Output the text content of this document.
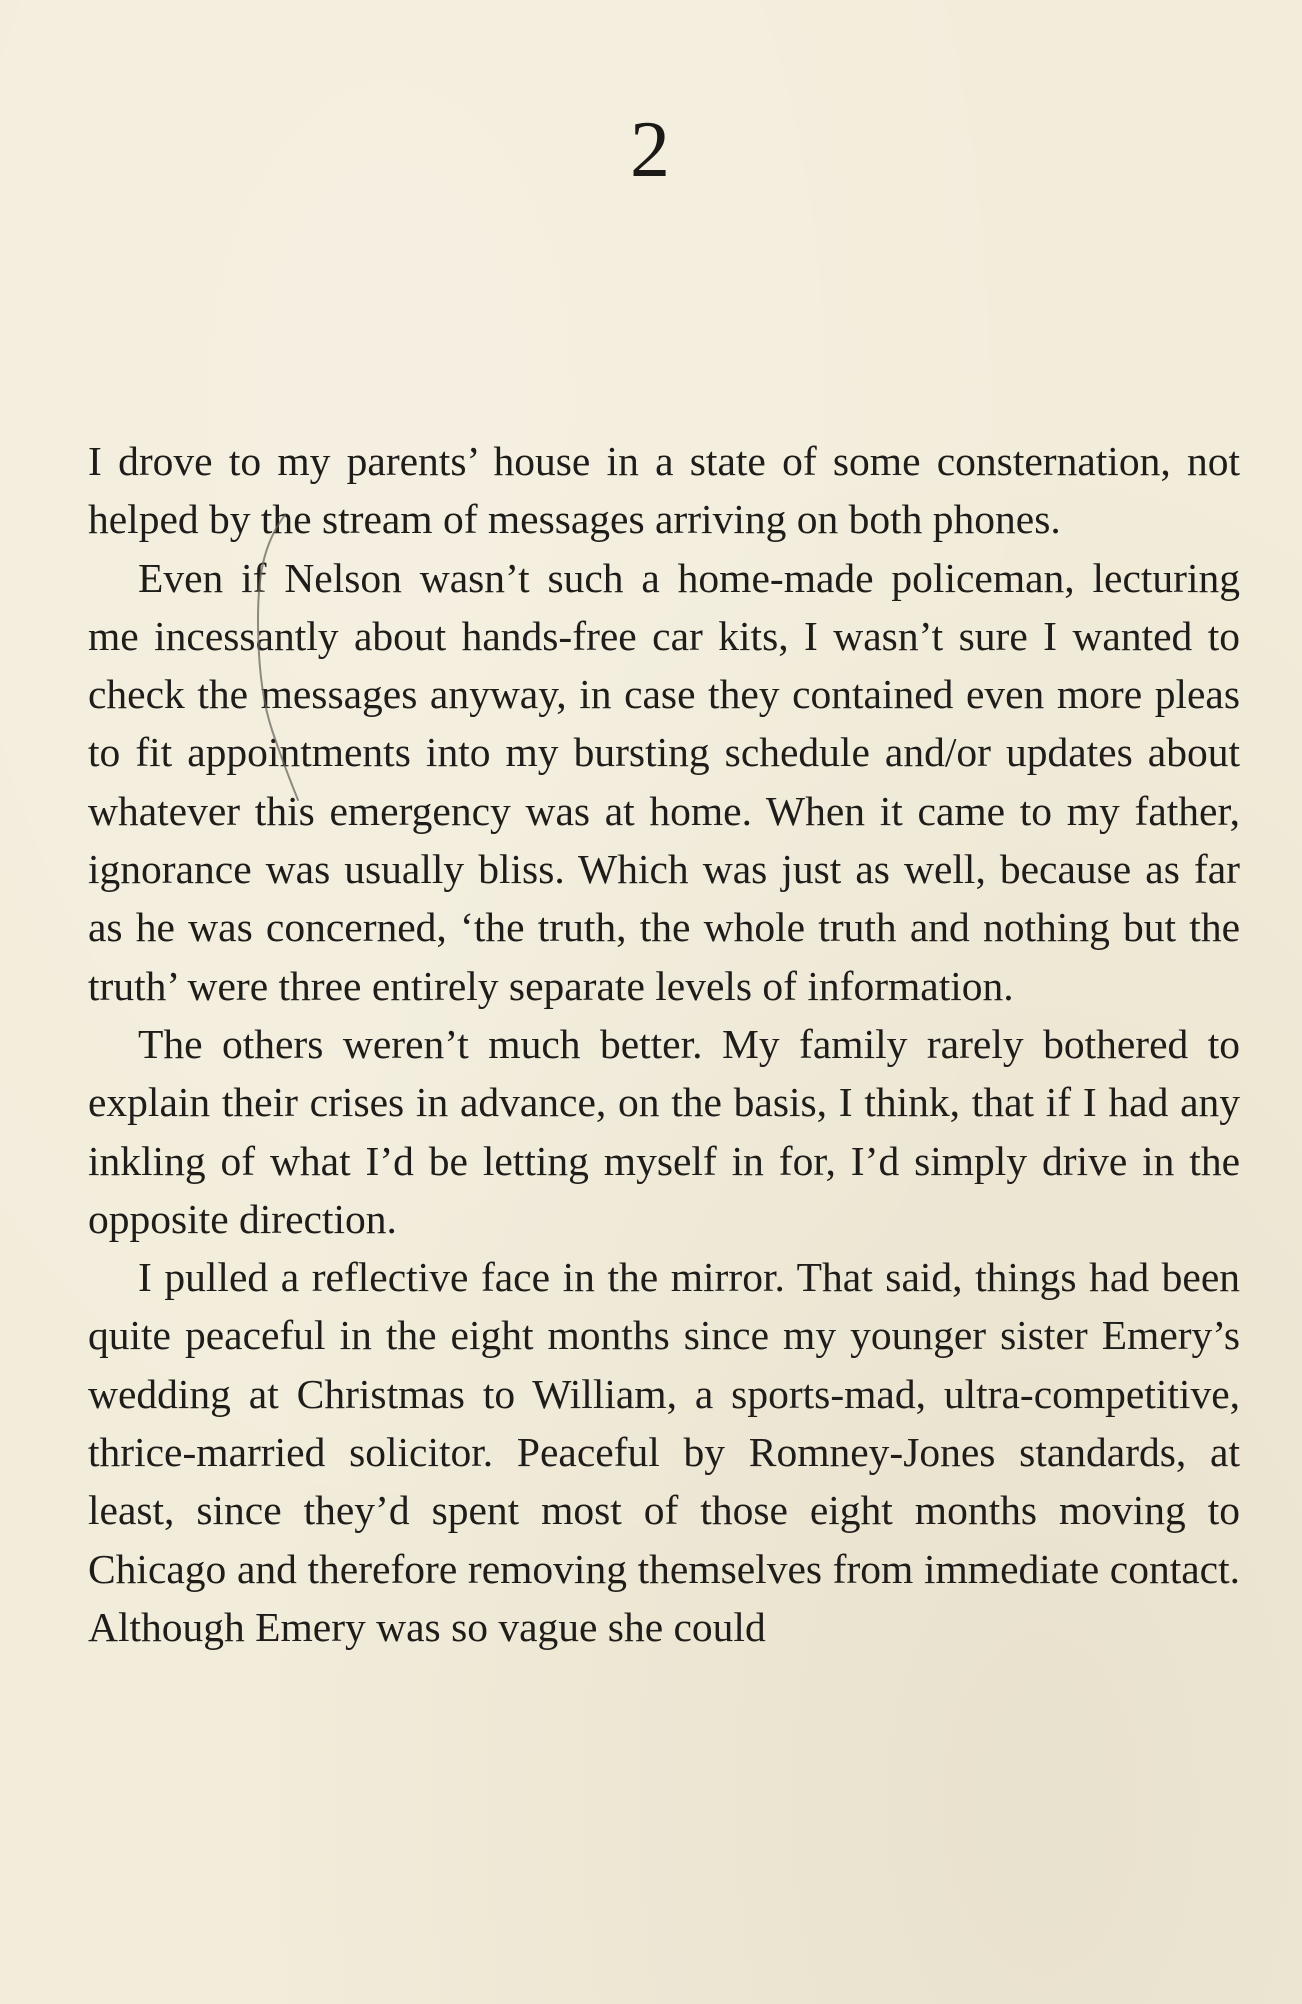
2

I drove to my parents’ house in a state of some consternation, not helped by the stream of messages arriving on both phones.

Even if Nelson wasn’t such a home-made policeman, lecturing me incessantly about hands-free car kits, I wasn’t sure I wanted to check the messages anyway, in case they contained even more pleas to fit appointments into my bursting schedule and/or updates about whatever this emergency was at home. When it came to my father, ignorance was usually bliss. Which was just as well, because as far as he was concerned, ‘the truth, the whole truth and nothing but the truth’ were three entirely separate levels of information.

The others weren’t much better. My family rarely bothered to explain their crises in advance, on the basis, I think, that if I had any inkling of what I’d be letting myself in for, I’d simply drive in the opposite direction.

I pulled a reflective face in the mirror. That said, things had been quite peaceful in the eight months since my younger sister Emery’s wedding at Christmas to William, a sports-mad, ultra-competitive, thrice-married solicitor. Peaceful by Romney-Jones standards, at least, since they’d spent most of those eight months moving to Chicago and therefore removing themselves from immediate contact. Although Emery was so vague she could
